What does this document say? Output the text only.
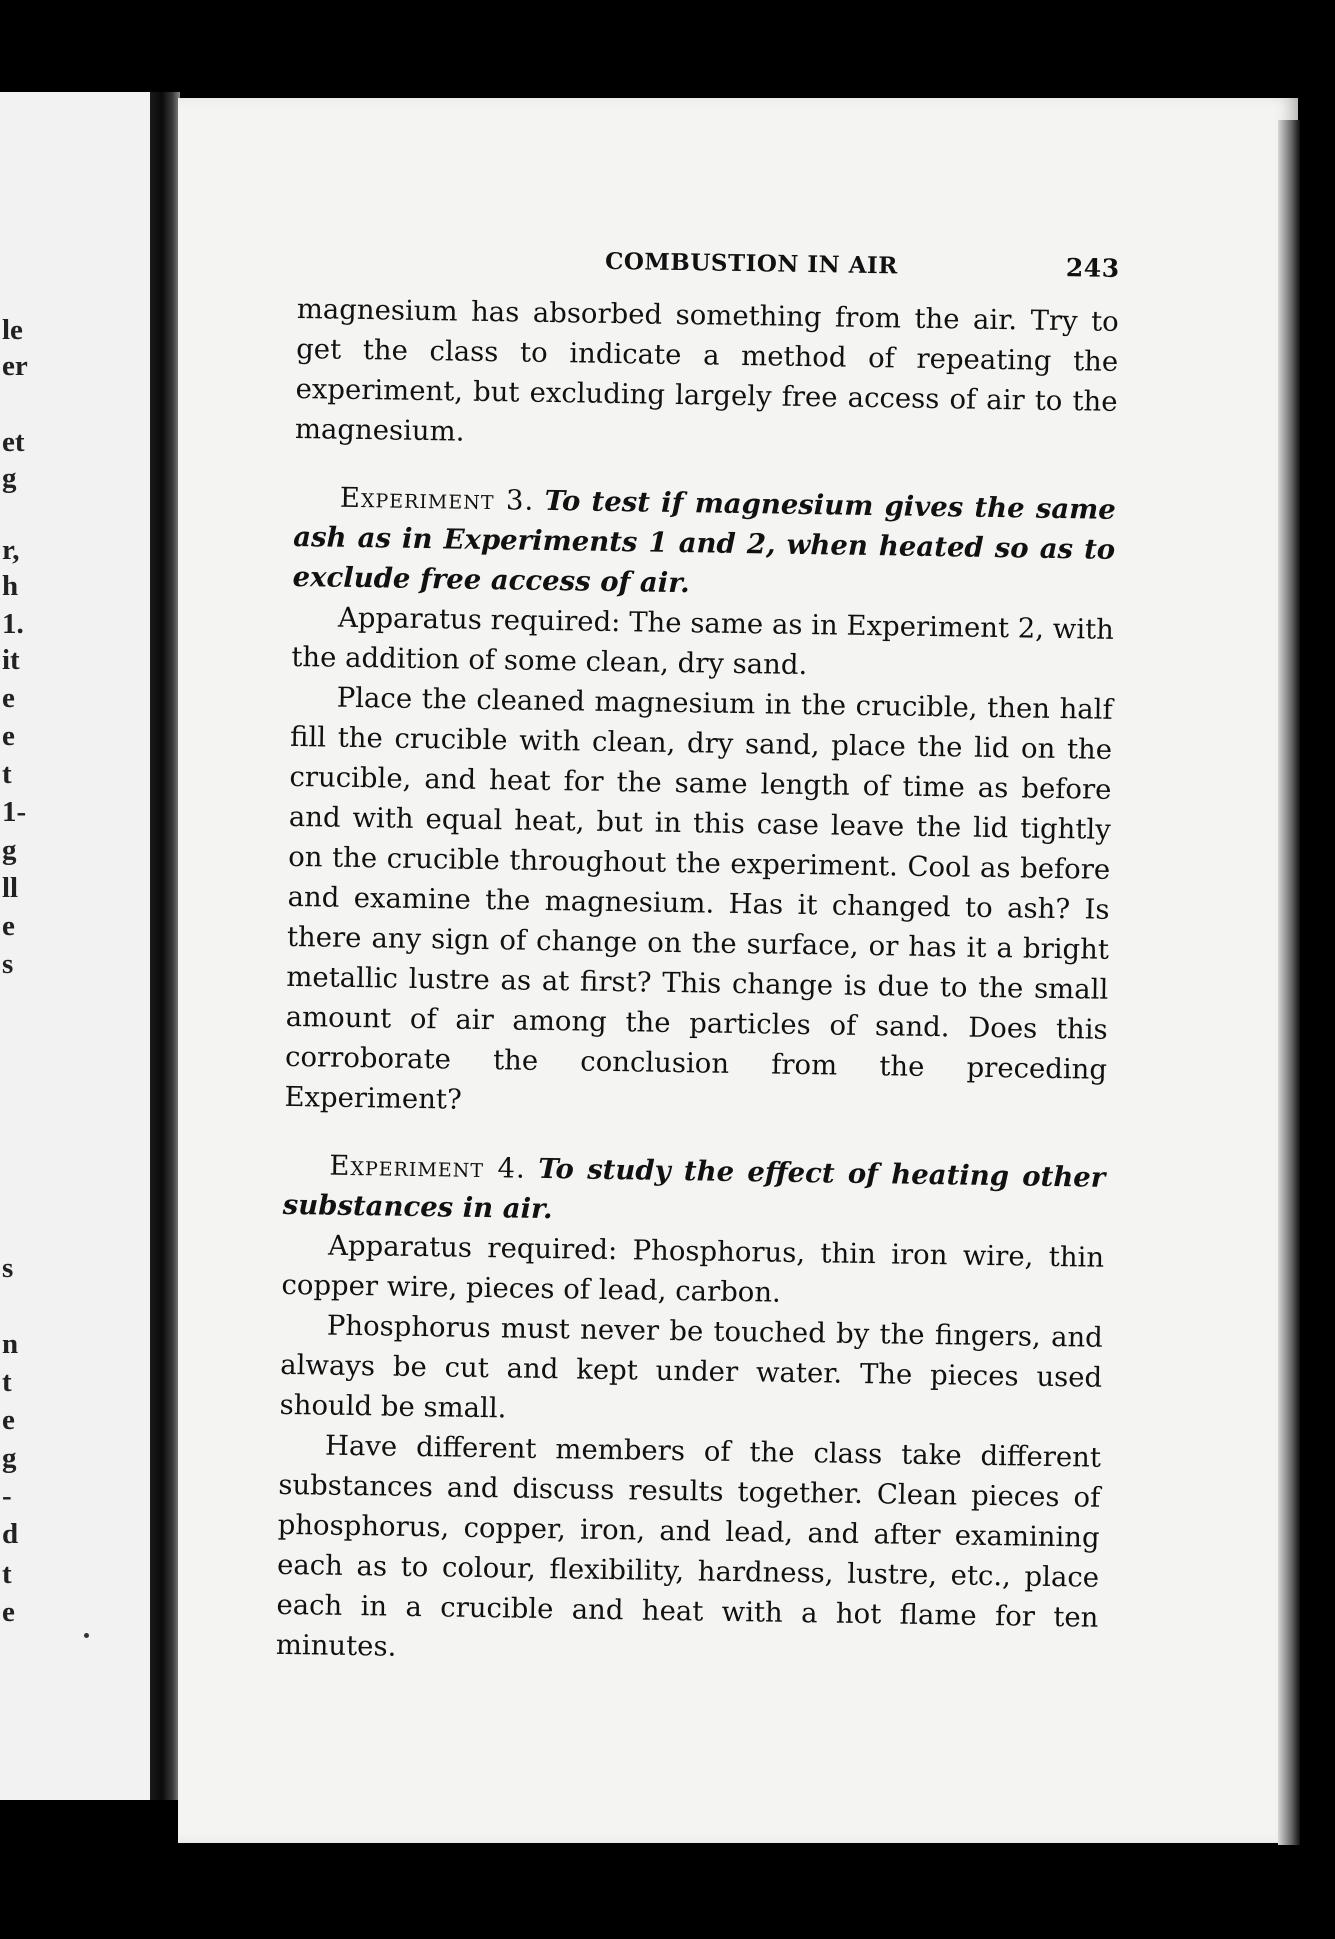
le
er
et
g
r,
h
1.
it
e
e
t
1-
g
ll
e
s
s
n
t
e
g
-
d
t
e
COMBUSTION IN AIR	243

magnesium has absorbed something from the air. Try to get the class to indicate a method of repeating the experiment, but excluding largely free access of air to the magnesium.

Experiment 3. To test if magnesium gives the same ash as in Experiments 1 and 2, when heated so as to exclude free access of air.

Apparatus required: The same as in Experiment 2, with the addition of some clean, dry sand.

Place the cleaned magnesium in the crucible, then half fill the crucible with clean, dry sand, place the lid on the crucible, and heat for the same length of time as before and with equal heat, but in this case leave the lid tightly on the crucible throughout the experiment. Cool as before and examine the magnesium. Has it changed to ash? Is there any sign of change on the surface, or has it a bright metallic lustre as at first? This change is due to the small amount of air among the particles of sand. Does this corroborate the conclusion from the preceding Experiment?

Experiment 4. To study the effect of heating other substances in air.

Apparatus required: Phosphorus, thin iron wire, thin copper wire, pieces of lead, carbon.

Phosphorus must never be touched by the fingers, and always be cut and kept under water. The pieces used should be small.

Have different members of the class take different substances and discuss results together. Clean pieces of phosphorus, copper, iron, and lead, and after examining each as to colour, flexibility, hardness, lustre, etc., place each in a crucible and heat with a hot flame for ten minutes.
